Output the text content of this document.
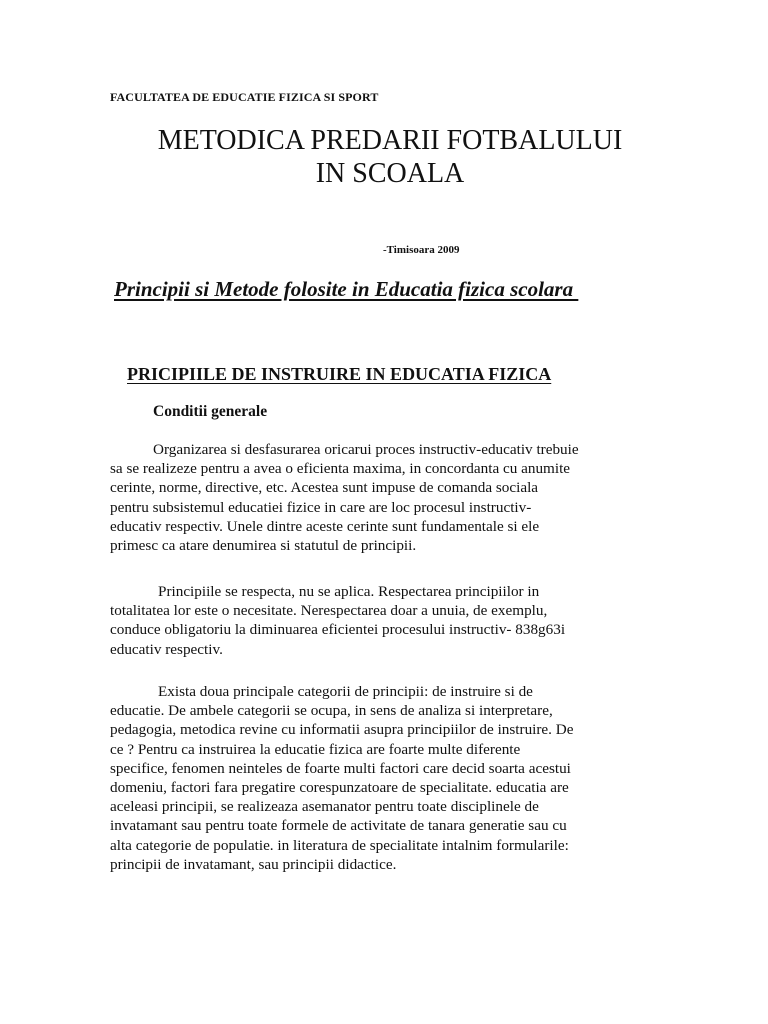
FACULTATEA DE EDUCATIE FIZICA SI SPORT
METODICA PREDARII FOTBALULUI
IN SCOALA
-Timisoara 2009
Principii si Metode folosite in Educatia fizica scolara
PRICIPIILE DE INSTRUIRE IN EDUCATIA FIZICA
Conditii generale
Organizarea si desfasurarea oricarui proces instructiv-educativ trebuie
sa se realizeze pentru a avea o eficienta maxima, in concordanta cu anumite
cerinte, norme, directive, etc. Acestea sunt impuse de comanda sociala
pentru subsistemul educatiei fizice in care are loc procesul instructiv-
educativ respectiv. Unele dintre aceste cerinte sunt fundamentale si ele
primesc ca atare denumirea si statutul de principii.
Principiile se respecta, nu se aplica. Respectarea principiilor in
totalitatea lor este o necesitate. Nerespectarea doar a unuia, de exemplu,
conduce obligatoriu la diminuarea eficientei procesului instructiv- 838g63i
educativ respectiv.
Exista doua principale categorii de principii: de instruire si de
educatie. De ambele categorii se ocupa, in sens de analiza si interpretare,
pedagogia, metodica revine cu informatii asupra principiilor de instruire. De
ce ? Pentru ca instruirea la educatie fizica are foarte multe diferente
specifice, fenomen neinteles de foarte multi factori care decid soarta acestui
domeniu, factori fara pregatire corespunzatoare de specialitate. educatia are
aceleasi principii, se realizeaza asemanator pentru toate disciplinele de
invatamant sau pentru toate formele de activitate de tanara generatie sau cu
alta categorie de populatie. in literatura de specialitate intalnim formularile:
principii de invatamant, sau principii didactice.
